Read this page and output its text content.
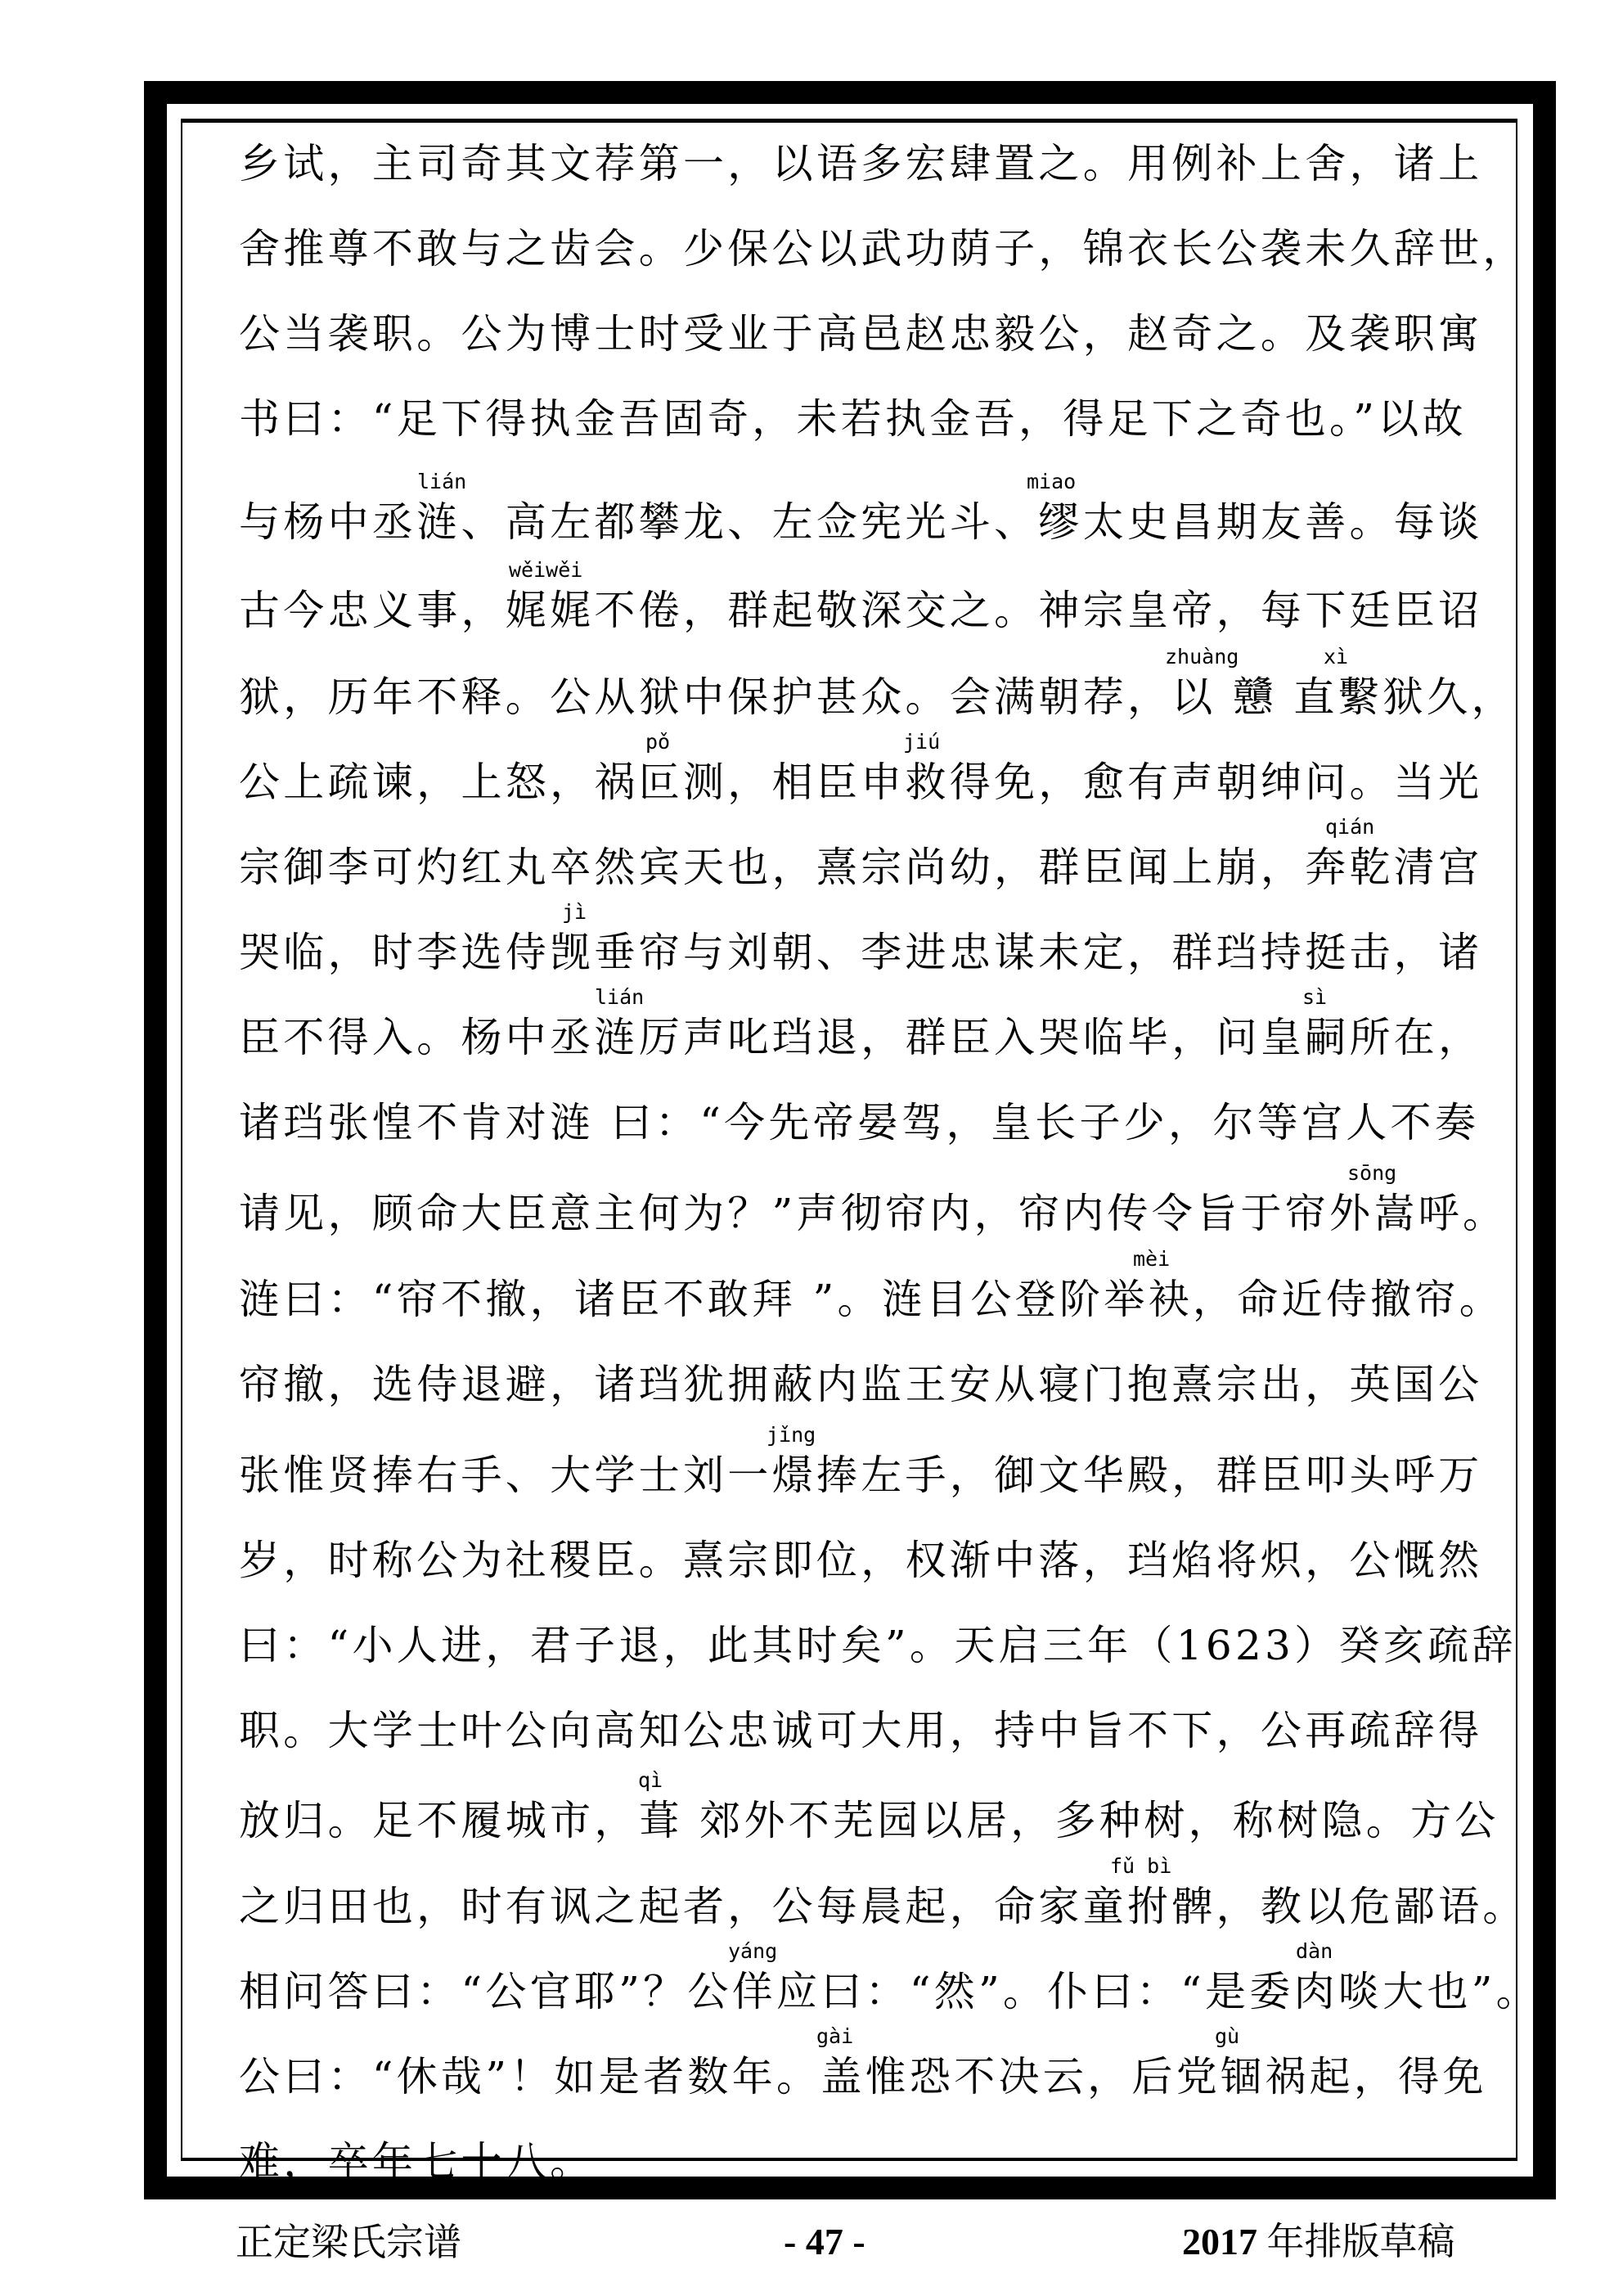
乡试，主司奇其文荐第一，以语多宏肆置之。用例补上舍，诸上
舍推尊不敢与之齿会。少保公以武功荫子，锦衣长公袭未久辞世，
公当袭职。公为博士时受业于高邑赵忠毅公，赵奇之。及袭职寓
书曰：“足下得执金吾固奇，未若执金吾，得足下之奇也。”以故
lián	miao
与杨中丞涟、高左都攀龙、左佥宪光斗、缪太史昌期友善。每谈
wěiwěi
古今忠义事，娓娓不倦，群起敬深交之。神宗皇帝，每下廷臣诏
zhuàng	xì
狱，历年不释。公从狱中保护甚众。会满朝荐，以 戇 直繫狱久，
pǒ	jiú
公上疏谏，上怒，祸叵测，相臣申救得免，愈有声朝绅问。当光
qián
宗御李可灼红丸卒然宾天也，熹宗尚幼，群臣闻上崩，奔乾清宫
jì
哭临，时李选侍觊垂帘与刘朝、李进忠谋未定，群珰持挺击，诸
lián	sì
臣不得入。杨中丞涟厉声叱珰退，群臣入哭临毕，问皇嗣所在，
诸珰张惶不肯对涟 曰：“今先帝晏驾，皇长子少，尔等宫人不奏
sōng
请见，顾命大臣意主何为？”声彻帘内，帘内传令旨于帘外嵩呼。
mèi
涟曰：“帘不撤，诸臣不敢拜 ”。涟目公登阶举袂，命近侍撤帘。
帘撤，选侍退避，诸珰犹拥蔽内监王安从寝门抱熹宗出，英国公
jǐng
张惟贤捧右手、大学士刘一燝捧左手，御文华殿，群臣叩头呼万
岁，时称公为社稷臣。熹宗即位，权渐中落，珰焰将炽，公慨然
曰：“小人进，君子退，此其时矣”。天启三年（1623）癸亥疏辞
职。大学士叶公向高知公忠诚可大用，持中旨不下，公再疏辞得
qì
放归。足不履城市，葺 郊外不芜园以居，多种树，称树隐。方公
fǔ bì
之归田也，时有讽之起者，公每晨起，命家童拊髀，教以危鄙语。
yáng	dàn
相问答曰：“公官耶”？公佯应曰：“然”。仆曰：“是委肉啖大也”。
gài	gù
公曰：“休哉”！如是者数年。盖惟恐不决云，后党锢祸起，得免
难，卒年七十八。
正定梁氏宗谱	- 47 -	2017 年排版草稿
